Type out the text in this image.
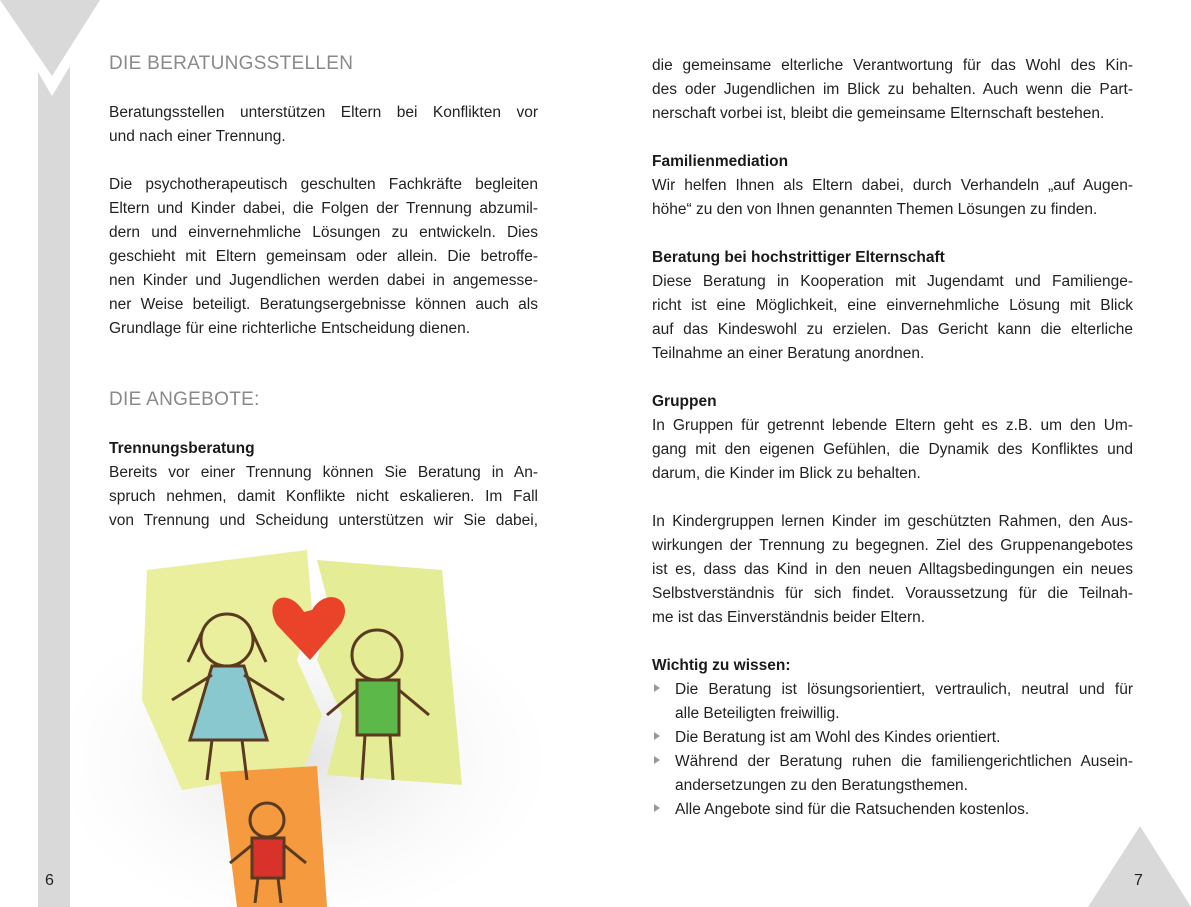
6	7
DIE BERATUNGSSTELLEN
Beratungsstellen unterstützen Eltern bei Konflikten vor
und nach einer Trennung.
Die psychotherapeutisch geschulten Fachkräfte begleiten
Eltern und Kinder dabei, die Folgen der Trennung abzumil-
dern und einvernehmliche Lösungen zu entwickeln. Dies
geschieht mit Eltern gemeinsam oder allein. Die betroffe-
nen Kinder und Jugendlichen werden dabei in angemesse-
ner Weise beteiligt. Beratungsergebnisse können auch als
Grundlage für eine richterliche Entscheidung dienen.
DIE ANGEBOTE:
Trennungsberatung
Bereits vor einer Trennung können Sie Beratung in An-
spruch nehmen, damit Konflikte nicht eskalieren. Im Fall
von Trennung und Scheidung unterstützen wir Sie dabei,
die gemeinsame elterliche Verantwortung für das Wohl des Kin-
des oder Jugendlichen im Blick zu behalten. Auch wenn die Part-
nerschaft vorbei ist, bleibt die gemeinsame Elternschaft bestehen.
Familienmediation
Wir helfen Ihnen als Eltern dabei, durch Verhandeln „auf Augen-
höhe“ zu den von Ihnen genannten Themen Lösungen zu finden.
Beratung bei hochstrittiger Elternschaft
Diese Beratung in Kooperation mit Jugendamt und Familienge-
richt ist eine Möglichkeit, eine einvernehmliche Lösung mit Blick
auf das Kindeswohl zu erzielen. Das Gericht kann die elterliche
Teilnahme an einer Beratung anordnen.
Gruppen
In Gruppen für getrennt lebende Eltern geht es z.B. um den Um-
gang mit den eigenen Gefühlen, die Dynamik des Konfliktes und
darum, die Kinder im Blick zu behalten.
In Kindergruppen lernen Kinder im geschützten Rahmen, den Aus-
wirkungen der Trennung zu begegnen. Ziel des Gruppenangebotes
ist es, dass das Kind in den neuen Alltagsbedingungen ein neues
Selbstverständnis für sich findet. Voraussetzung für die Teilnah-
me ist das Einverständnis beider Eltern.
Wichtig zu wissen:
Die Beratung ist lösungsorientiert, vertraulich, neutral und für
alle Beteiligten freiwillig.
Die Beratung ist am Wohl des Kindes orientiert.
Während der Beratung ruhen die familiengerichtlichen Ausein-
andersetzungen zu den Beratungsthemen.
Alle Angebote sind für die Ratsuchenden kostenlos.
